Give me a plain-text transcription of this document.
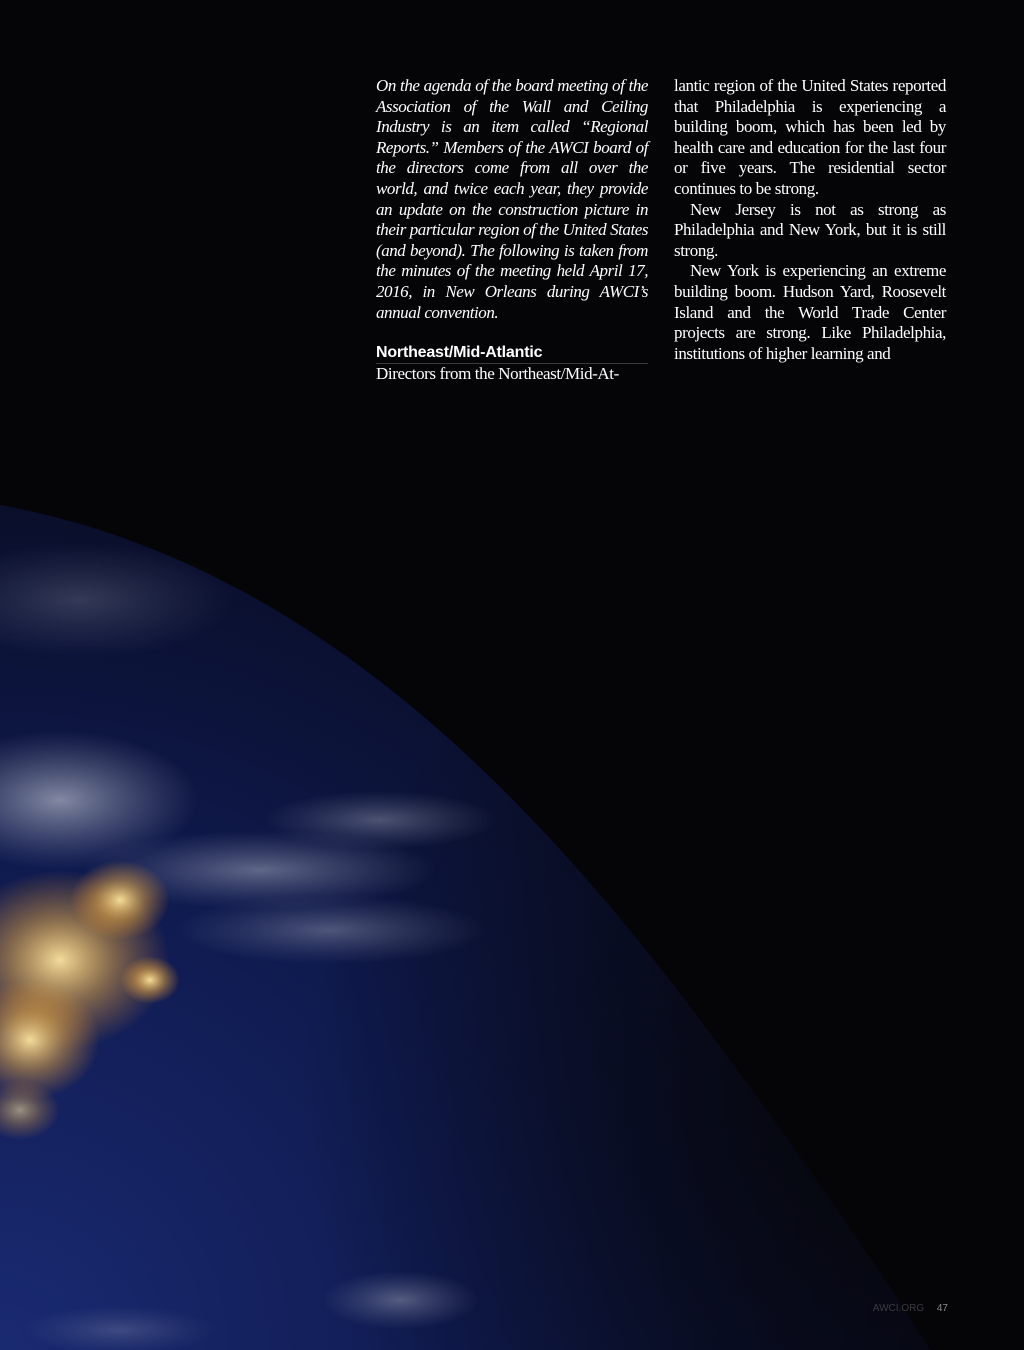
On the agenda of the board meeting of the Association of the Wall and Ceiling Industry is an item called “Regional Reports.” Members of the AWCI board of the directors come from all over the world, and twice each year, they provide an update on the construction picture in their particular region of the United States (and beyond). The following is taken from the minutes of the meeting held April 17, 2016, in New Orleans during AWCI’s annual convention.

Northeast/Mid-Atlantic

Directors from the Northeast/Mid-At-

lantic region of the United States reported that Philadelphia is experiencing a building boom, which has been led by health care and education for the last four or five years. The residential sector continues to be strong.

New Jersey is not as strong as Philadelphia and New York, but it is still strong.

New York is experiencing an extreme building boom. Hudson Yard, Roosevelt Island and the World Trade Center projects are strong. Like Philadelphia, institutions of higher learning and

AWCI.ORG 47
